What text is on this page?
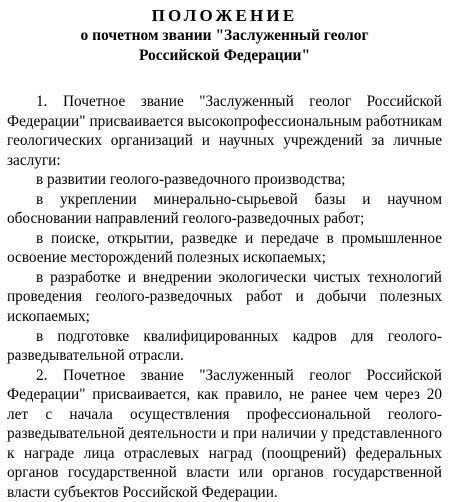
ПОЛОЖЕНИЕ

о почетном звании "Заслуженный геолог

Российской Федерации"

1. Почетное звание "Заслуженный геолог Российской Федерации" присваивается высокопрофессиональным работникам геологических организаций и научных учреждений за личные заслуги:

в развитии геолого-разведочного производства;

в укреплении минерально-сырьевой базы и научном обосновании направлений геолого-разведочных работ;

в поиске, открытии, разведке и передаче в промышленное освоение месторождений полезных ископаемых;

в разработке и внедрении экологически чистых технологий проведения геолого-разведочных работ и добычи полезных ископаемых;

в подготовке квалифицированных кадров для геолого-разведывательной отрасли.

2. Почетное звание "Заслуженный геолог Российской Федерации" присваивается, как правило, не ранее чем через 20 лет с начала осуществления профессиональной геолого-разведывательной деятельности и при наличии у представленного к награде лица отраслевых наград (поощрений) федеральных органов государственной власти или органов государственной власти субъектов Российской Федерации.
